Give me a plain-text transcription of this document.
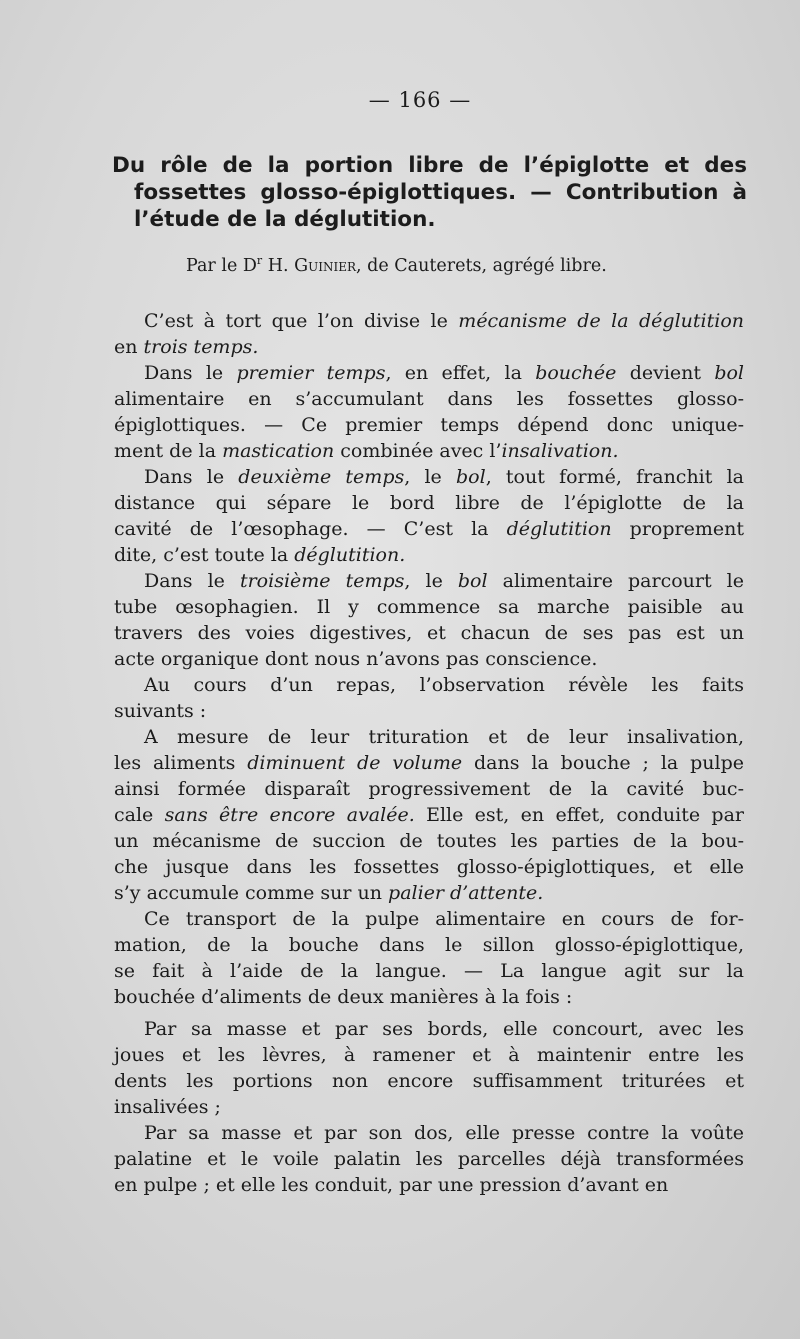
— 166 —
Du rôle de la portion libre de l’épiglotte et des
fossettes glosso-épiglottiques. — Contribution à
l’étude de la déglutition.
Par le $D^r$ H. Guinier, de Cauterets, agrégé libre.
C’est à tort que l’on divise le mécanisme de la déglutition
en trois temps.
Dans le premier temps, en effet, la bouchée devient bol
alimentaire en s’accumulant dans les fossettes glosso-
épiglottiques. — Ce premier temps dépend donc unique-
ment de la mastication combinée avec l’insalivation.
Dans le deuxième temps, le bol, tout formé, franchit la
distance qui sépare le bord libre de l’épiglotte de la
cavité de l’œsophage. — C’est la déglutition proprement
dite, c’est toute la déglutition.
Dans le troisième temps, le bol alimentaire parcourt le
tube œsophagien. Il y commence sa marche paisible au
travers des voies digestives, et chacun de ses pas est un
acte organique dont nous n’avons pas conscience.
Au cours d’un repas, l’observation révèle les faits
suivants :
A mesure de leur trituration et de leur insalivation,
les aliments diminuent de volume dans la bouche ; la pulpe
ainsi formée disparaît progressivement de la cavité buc-
cale sans être encore avalée. Elle est, en effet, conduite par
un mécanisme de succion de toutes les parties de la bou-
che jusque dans les fossettes glosso-épiglottiques, et elle
s’y accumule comme sur un palier d’attente.
Ce transport de la pulpe alimentaire en cours de for-
mation, de la bouche dans le sillon glosso-épiglottique,
se fait à l’aide de la langue. — La langue agit sur la
bouchée d’aliments de deux manières à la fois :
Par sa masse et par ses bords, elle concourt, avec les
joues et les lèvres, à ramener et à maintenir entre les
dents les portions non encore suffisamment triturées et
insalivées ;
Par sa masse et par son dos, elle presse contre la voûte
palatine et le voile palatin les parcelles déjà transformées
en pulpe ; et elle les conduit, par une pression d’avant en
